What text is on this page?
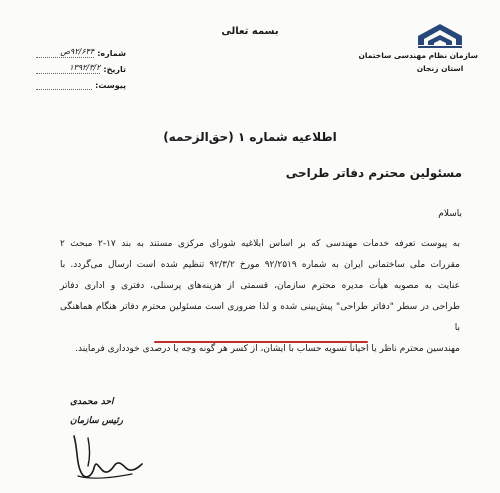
بسمه تعالی
سازمان نظام مهندسی ساختمان
استان زنجان
شماره:
۹۲/۶۴۴ص
تاریخ:
۱۳۹۲/۳/۲
پیوست:
اطلاعیه شماره ۱ (حق‌الزحمه)
مسئولین محترم دفاتر طراحی
باسلام

به پیوست تعرفه خدمات مهندسی که بر اساس ابلاغیه شورای مرکزی مستند به بند ۱۷-۲ مبحث ۲

مقررات ملی ساختمانی ایران به شماره ۹۲/۲۵۱۹ مورخ ۹۲/۳/۲ تنظیم شده است ارسال می‌گردد. با

عنایت به مصوبه هیأت مدیره محترم سازمان، قسمتی از هزینه‌های پرسنلی، دفتری و اداری دفاتر

طراحی در سطر "دفاتر طراحی" پیش‌بینی شده و لذا ضروری است مسئولین محترم دفاتر هنگام هماهنگی با

مهندسین محترم ناظر یا احیاناً تسویه حساب با ایشان، از کسر هر گونه وجه یا درصدی خودداری فرمایند.

احد محمدی
رئیس سازمان
